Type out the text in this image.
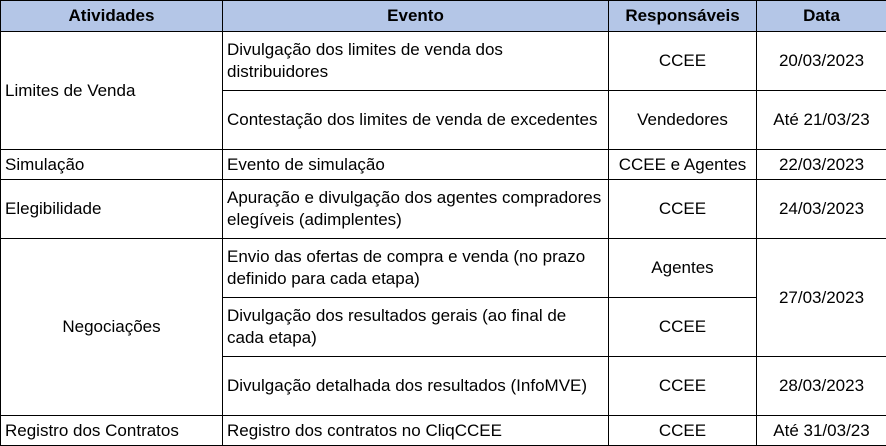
Atividades	Evento	Responsáveis	Data
Limites de Venda	Divulgação dos limites de venda dos distribuidores	CCEE	20/03/2023
	Contestação dos limites de venda de excedentes	Vendedores	Até 21/03/23
Simulação	Evento de simulação	CCEE e Agentes	22/03/2023
Elegibilidade	Apuração e divulgação dos agentes compradores elegíveis (adimplentes)	CCEE	24/03/2023
Negociações	Envio das ofertas de compra e venda (no prazo definido para cada etapa)	Agentes	27/03/2023
	Divulgação dos resultados gerais (ao final de cada etapa)	CCEE	
	Divulgação detalhada dos resultados (InfoMVE)	CCEE	28/03/2023
Registro dos Contratos	Registro dos contratos no CliqCCEE	CCEE	Até 31/03/23
